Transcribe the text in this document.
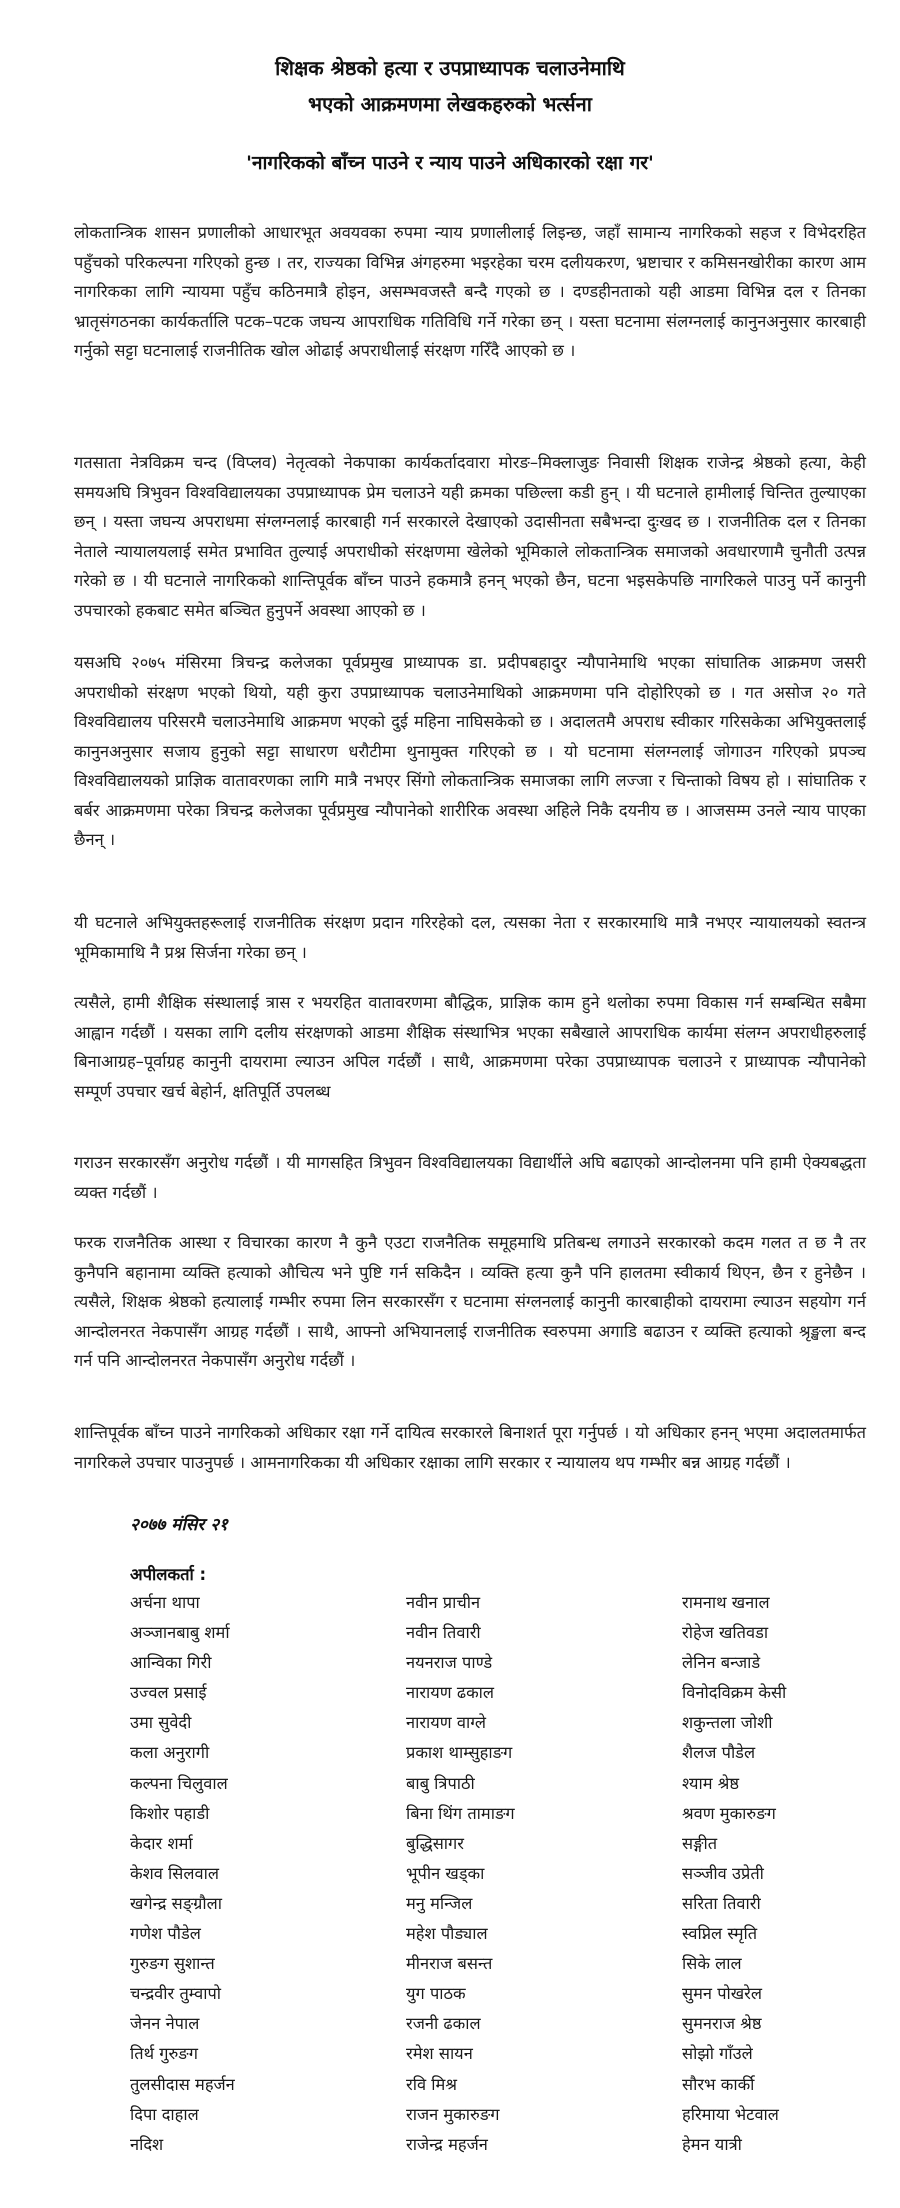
शिक्षक श्रेष्ठको हत्या र उपप्राध्यापक चलाउनेमाथि
भएको आक्रमणमा लेखकहरुको भर्त्सना
'नागरिकको बाँच्न पाउने र न्याय पाउने अधिकारको रक्षा गर'

लोकतान्त्रिक शासन प्रणालीको आधारभूत अवयवका रुपमा न्याय प्रणालीलाई लिइन्छ, जहाँ सामान्य नागरिकको सहज र विभेदरहित पहुँचको परिकल्पना गरिएको हुन्छ । तर, राज्यका विभिन्न अंगहरुमा भइरहेका चरम दलीयकरण, भ्रष्टाचार र कमिसनखोरीका कारण आम नागरिकका लागि न्यायमा पहुँच कठिनमात्रै होइन, असम्भवजस्तै बन्दै गएको छ । दण्डहीनताको यही आडमा विभिन्न दल र तिनका भ्रातृसंगठनका कार्यकर्तालि पटक–पटक जघन्य आपराधिक गतिविधि गर्ने गरेका छन् । यस्ता घटनामा संलग्नलाई कानुनअनुसार कारबाही गर्नुको सट्टा घटनालाई राजनीतिक खोल ओढाई अपराधीलाई संरक्षण गरिँदै आएको छ ।

गतसाता नेत्रविक्रम चन्द (विप्लव) नेतृत्वको नेकपाका कार्यकर्तादवारा मोरङ–मिक्लाजुङ निवासी शिक्षक राजेन्द्र श्रेष्ठको हत्या, केही समयअघि त्रिभुवन विश्वविद्यालयका उपप्राध्यापक प्रेम चलाउने यही क्रमका पछिल्ला कडी हुन् । यी घटनाले हामीलाई चिन्तित तुल्याएका छन् । यस्ता जघन्य अपराधमा संग्लग्नलाई कारबाही गर्न सरकारले देखाएको उदासीनता सबैभन्दा दुःखद छ । राजनीतिक दल र तिनका नेताले न्यायालयलाई समेत प्रभावित तुल्याई अपराधीको संरक्षणमा खेलेको भूमिकाले लोकतान्त्रिक समाजको अवधारणामै चुनौती उत्पन्न गरेको छ । यी घटनाले नागरिकको शान्तिपूर्वक बाँच्न पाउने हकमात्रै हनन् भएको छैन, घटना भइसकेपछि नागरिकले पाउनु पर्ने कानुनी उपचारको हकबाट समेत बञ्चित हुनुपर्ने अवस्था आएको छ ।

यसअघि २०७५ मंसिरमा त्रिचन्द्र कलेजका पूर्वप्रमुख प्राध्यापक डा. प्रदीपबहादुर न्यौपानेमाथि भएका सांघातिक आक्रमण जसरी अपराधीको संरक्षण भएको थियो, यही कुरा उपप्राध्यापक चलाउनेमाथिको आक्रमणमा पनि दोहोरिएको छ । गत असोज २० गते विश्वविद्यालय परिसरमै चलाउनेमाथि आक्रमण भएको दुई महिना नाघिसकेको छ । अदालतमै अपराध स्वीकार गरिसकेका अभियुक्तलाई कानुनअनुसार सजाय हुनुको सट्टा साधारण धरौटीमा थुनामुक्त गरिएको छ । यो घटनामा संलग्नलाई जोगाउन गरिएको प्रपञ्च विश्वविद्यालयको प्राज्ञिक वातावरणका लागि मात्रै नभएर सिंगो लोकतान्त्रिक समाजका लागि लज्जा र चिन्ताको विषय हो । सांघातिक र बर्बर आक्रमणमा परेका त्रिचन्द्र कलेजका पूर्वप्रमुख न्यौपानेको शारीरिक अवस्था अहिले निकै दयनीय छ । आजसम्म उनले न्याय पाएका छैनन् ।

यी घटनाले अभियुक्तहरूलाई राजनीतिक संरक्षण प्रदान गरिरहेको दल, त्यसका नेता र सरकारमाथि मात्रै नभएर न्यायालयको स्वतन्त्र भूमिकामाथि नै प्रश्न सिर्जना गरेका छन् ।

त्यसैले, हामी शैक्षिक संस्थालाई त्रास र भयरहित वातावरणमा बौद्धिक, प्राज्ञिक काम हुने थलोका रुपमा विकास गर्न सम्बन्धित सबैमा आह्वान गर्दछौं । यसका लागि दलीय संरक्षणको आडमा शैक्षिक संस्थाभित्र भएका सबैखाले आपराधिक कार्यमा संलग्न अपराधीहरुलाई बिनाआग्रह–पूर्वाग्रह कानुनी दायरामा ल्याउन अपिल गर्दछौं । साथै, आक्रमणमा परेका उपप्राध्यापक चलाउने र प्राध्यापक न्यौपानेको सम्पूर्ण उपचार खर्च बेहोर्न, क्षतिपूर्ति उपलब्ध

गराउन सरकारसँग अनुरोध गर्दछौं । यी मागसहित त्रिभुवन विश्वविद्यालयका विद्यार्थीले अघि बढाएको आन्दोलनमा पनि हामी ऐक्यबद्धता व्यक्त गर्दछौं ।

फरक राजनैतिक आस्था र विचारका कारण नै कुनै एउटा राजनैतिक समूहमाथि प्रतिबन्ध लगाउने सरकारको कदम गलत त छ नै तर कुनैपनि बहानामा व्यक्ति हत्याको औचित्य भने पुष्टि गर्न सकिदैन । व्यक्ति हत्या कुनै पनि हालतमा स्वीकार्य थिएन, छैन र हुनेछैन । त्यसैले, शिक्षक श्रेष्ठको हत्यालाई गम्भीर रुपमा लिन सरकारसँग र घटनामा संग्लनलाई कानुनी कारबाहीको दायरामा ल्याउन सहयोग गर्न आन्दोलनरत नेकपासँग आग्रह गर्दछौं । साथै, आफ्नो अभियानलाई राजनीतिक स्वरुपमा अगाडि बढाउन र व्यक्ति हत्याको श्रृङ्खला बन्द गर्न पनि आन्दोलनरत नेकपासँग अनुरोध गर्दछौं ।

शान्तिपूर्वक बाँच्न पाउने नागरिकको अधिकार रक्षा गर्ने दायित्व सरकारले बिनाशर्त पूरा गर्नुपर्छ । यो अधिकार हनन् भएमा अदालतमार्फत नागरिकले उपचार पाउनुपर्छ । आमनागरिकका यी अधिकार रक्षाका लागि सरकार र न्यायालय थप गम्भीर बन्न आग्रह गर्दछौं ।

२०७७ मंसिर २१
अपीलकर्ता :
अर्चना थापा
अञ्जानबाबु शर्मा
आन्विका गिरी
उज्वल प्रसाई
उमा सुवेदी
कला अनुरागी
कल्पना चिलुवाल
किशोर पहाडी
केदार शर्मा
केशव सिलवाल
खगेन्द्र सङ्ग्रौला
गणेश पौडेल
गुरुङग सुशान्त
चन्द्रवीर तुम्वापो
जेनन नेपाल
तिर्थ गुरुङग
तुलसीदास महर्जन
दिपा दाहाल
नदिश
नवीन प्राचीन
नवीन तिवारी
नयनराज पाण्डे
नारायण ढकाल
नारायण वाग्ले
प्रकाश थाम्सुहाङग
बाबु त्रिपाठी
बिना थिंग तामाङग
बुद्धिसागर
भूपीन खड्का
मनु मन्जिल
महेश पौड्याल
मीनराज बसन्त
युग पाठक
रजनी ढकाल
रमेश सायन
रवि मिश्र
राजन मुकारुङग
राजेन्द्र महर्जन
रामनाथ खनाल
रोहेज खतिवडा
लेनिन बन्जाडे
विनोदविक्रम केसी
शकुन्तला जोशी
शैलज पौडेल
श्याम श्रेष्ठ
श्रवण मुकारुङग
सङ्गीत
सञ्जीव उप्रेती
सरिता तिवारी
स्वप्निल स्मृति
सिके लाल
सुमन पोखरेल
सुमनराज श्रेष्ठ
सोझो गाँउले
सौरभ कार्की
हरिमाया भेटवाल
हेमन यात्री
